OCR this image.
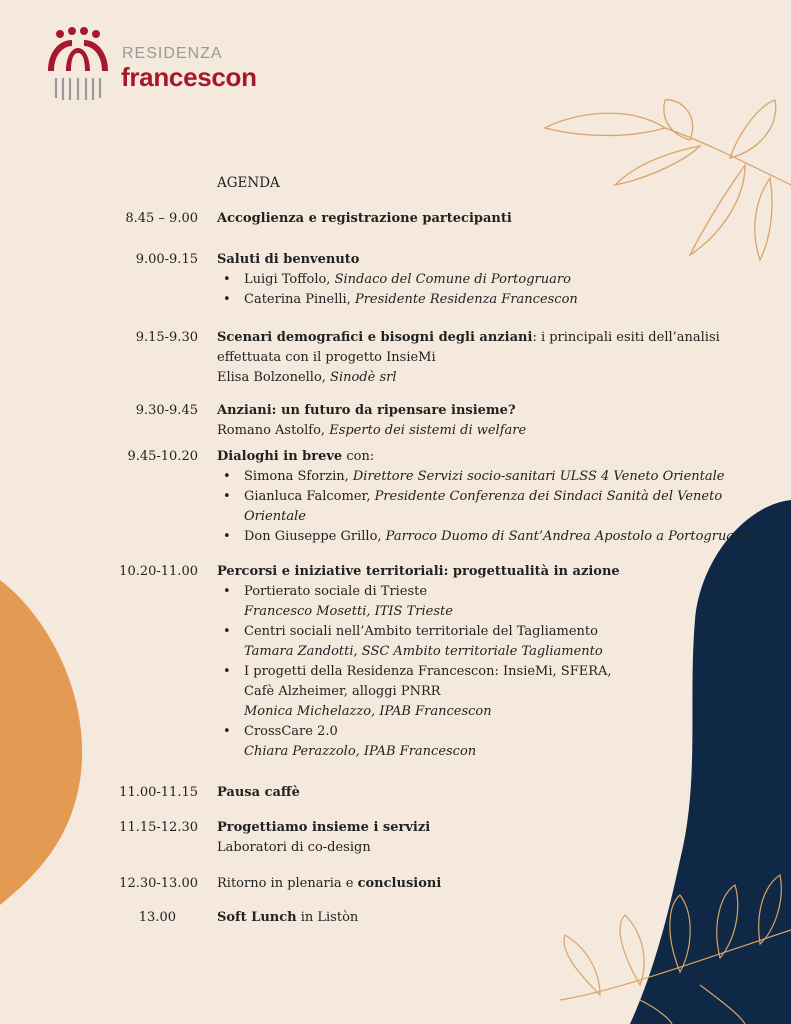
RESIDENZA
francescon
AGENDA
8.45 – 9.00 Accoglienza e registrazione partecipanti
9.00-9.15 Saluti di benvenuto
• Luigi Toffolo, Sindaco del Comune di Portogruaro
• Caterina Pinelli, Presidente Residenza Francescon
9.15-9.30 Scenari demografici e bisogni degli anziani: i principali esiti dell’analisi
effettuata con il progetto InsieMi
Elisa Bolzonello, Sinodè srl
9.30-9.45 Anziani: un futuro da ripensare insieme?
Romano Astolfo, Esperto dei sistemi di welfare
9.45-10.20 Dialoghi in breve con:
• Simona Sforzin, Direttore Servizi socio-sanitari ULSS 4 Veneto Orientale
• Gianluca Falcomer, Presidente Conferenza dei Sindaci Sanità del Veneto
Orientale
• Don Giuseppe Grillo, Parroco Duomo di Sant’Andrea Apostolo a Portogruaro
10.20-11.00 Percorsi e iniziative territoriali: progettualità in azione
• Portierato sociale di Trieste
Francesco Mosetti, ITIS Trieste
• Centri sociali nell’Ambito territoriale del Tagliamento
Tamara Zandotti, SSC Ambito territoriale Tagliamento
• I progetti della Residenza Francescon: InsieMi, SFERA,
Cafè Alzheimer, alloggi PNRR
Monica Michelazzo, IPAB Francescon
• CrossCare 2.0
Chiara Perazzolo, IPAB Francescon
11.00-11.15 Pausa caffè
11.15-12.30 Progettiamo insieme i servizi
Laboratori di co-design
12.30-13.00 Ritorno in plenaria e conclusioni
13.00	Soft Lunch in Listòn
